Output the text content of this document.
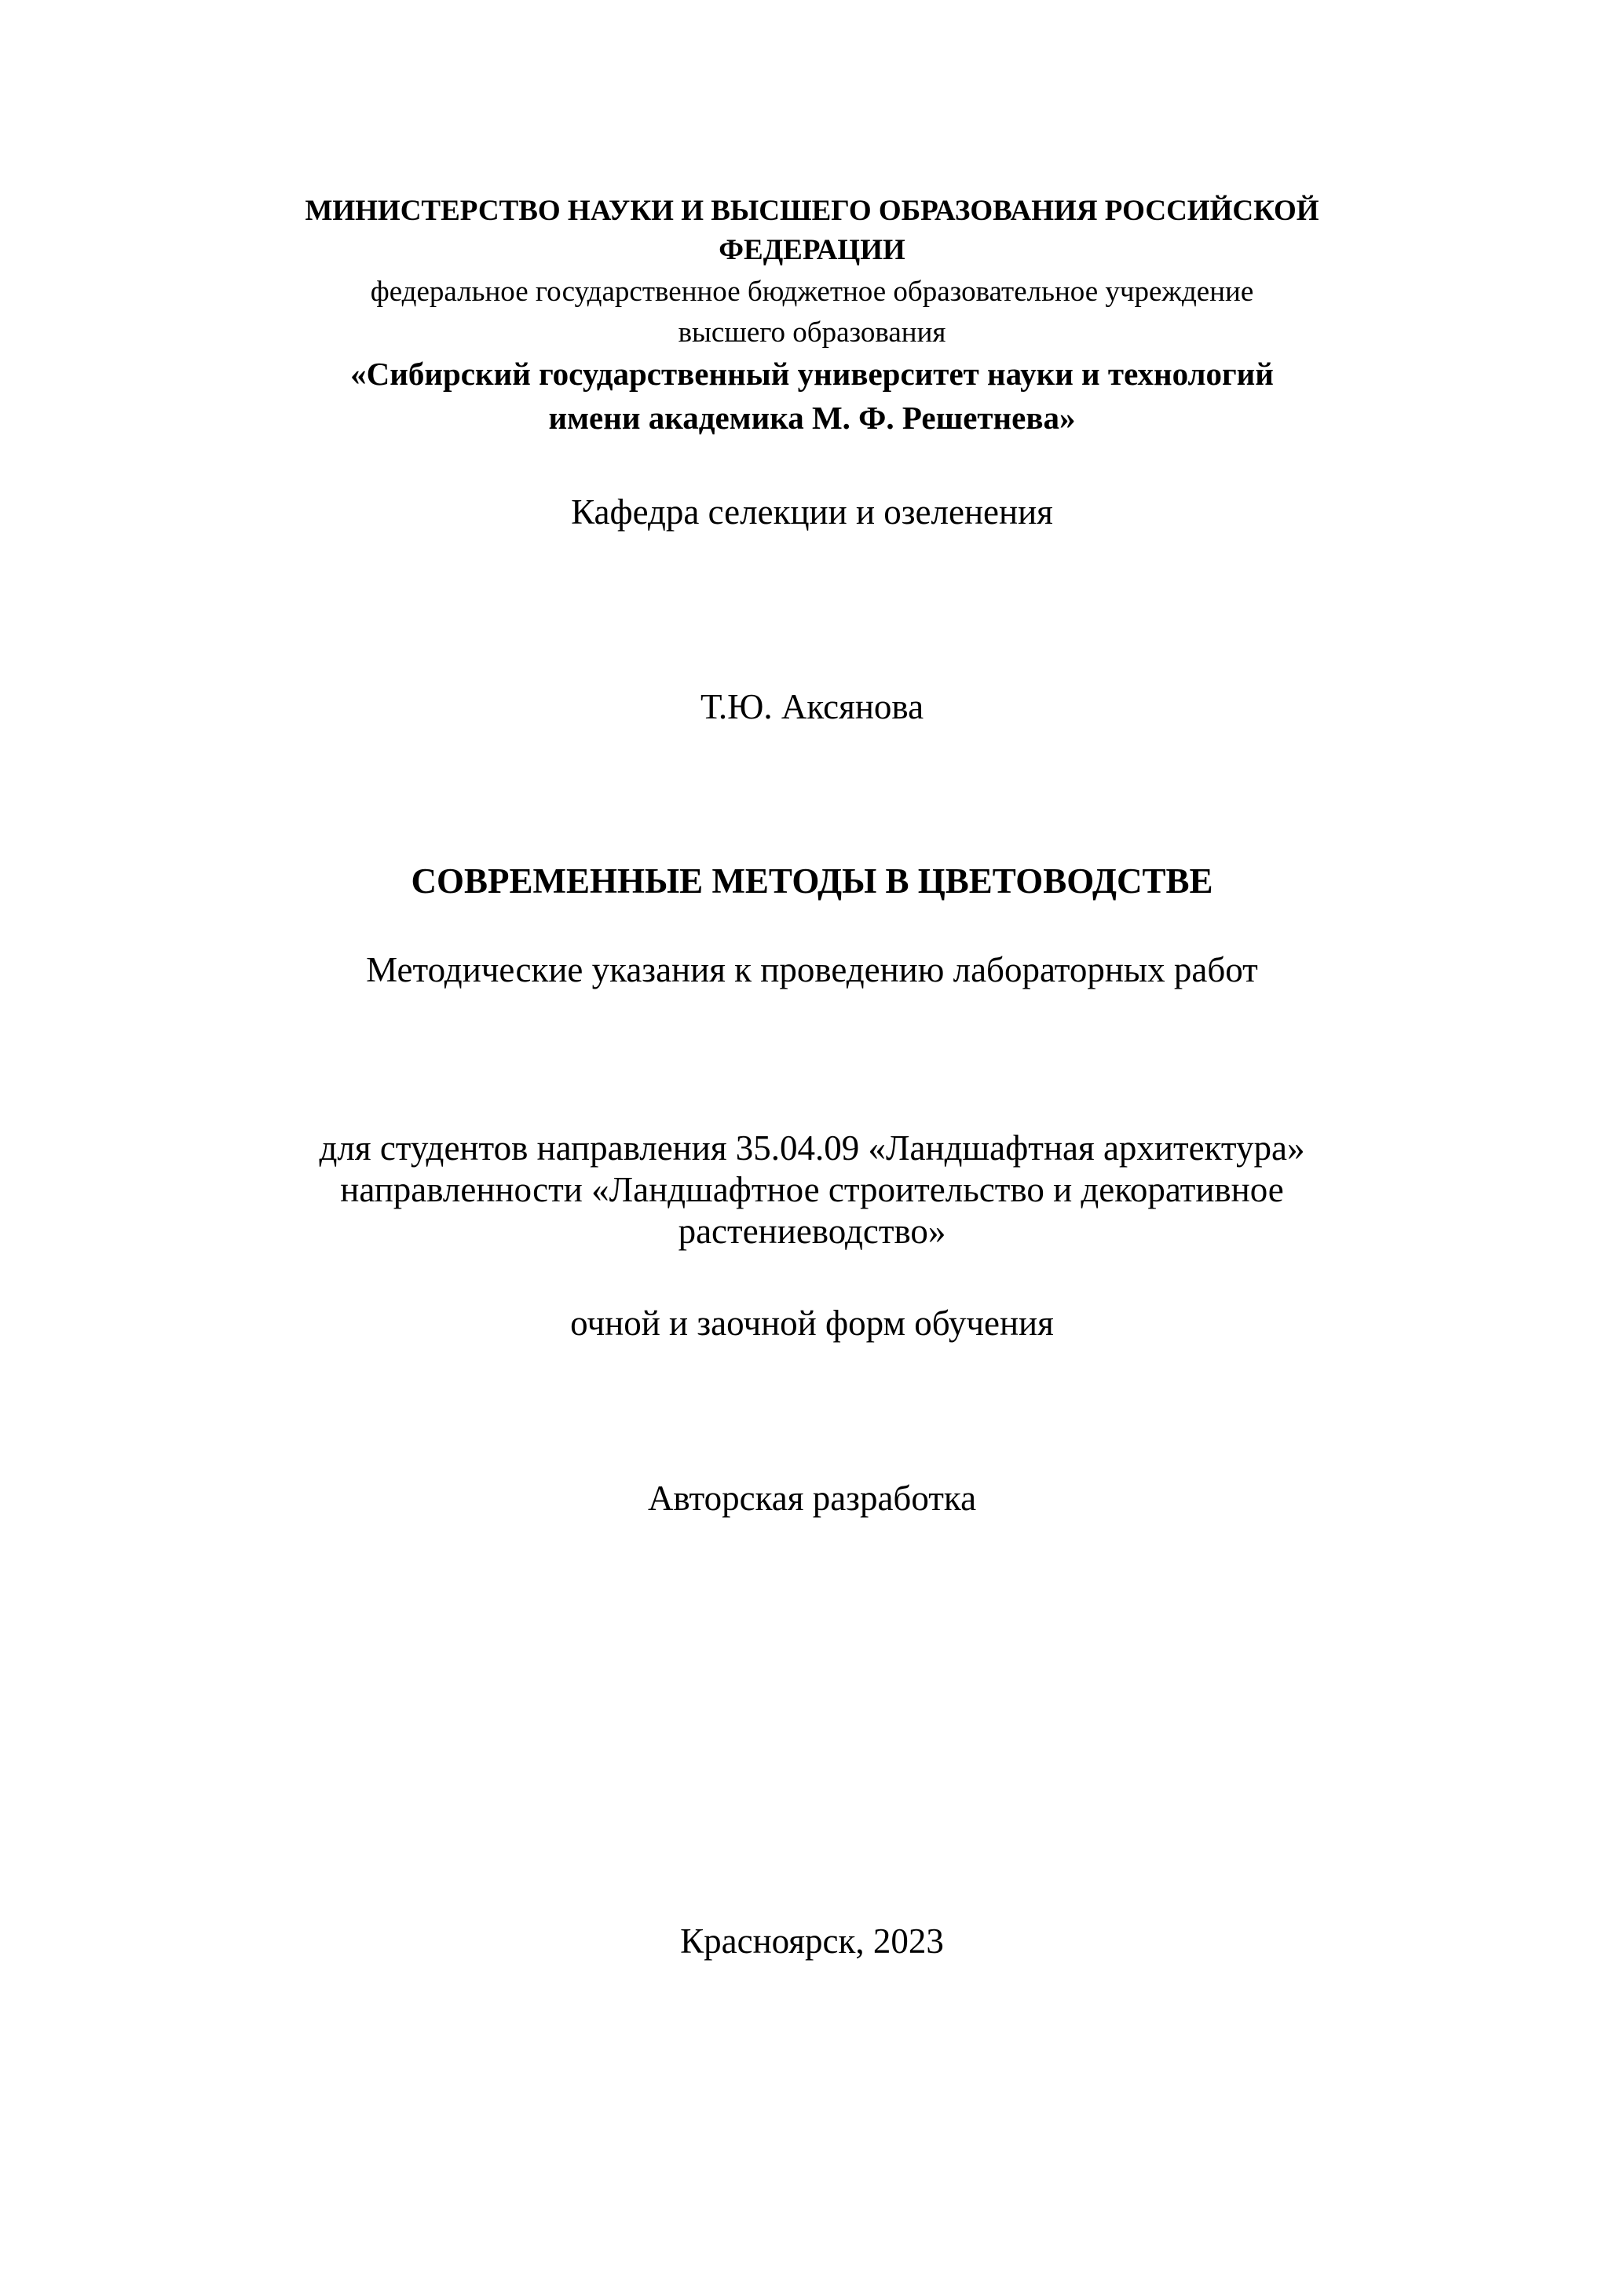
МИНИСТЕРСТВО НАУКИ И ВЫСШЕГО ОБРАЗОВАНИЯ РОССИЙСКОЙ
ФЕДЕРАЦИИ
федеральное государственное бюджетное образовательное учреждение
высшего образования
«Сибирский государственный университет науки и технологий
имени академика М. Ф. Решетнева»
Кафедра селекции и озеленения
Т.Ю. Аксянова
СОВРЕМЕННЫЕ МЕТОДЫ В ЦВЕТОВОДСТВЕ
Методические указания к проведению лабораторных работ
для студентов направления 35.04.09 «Ландшафтная архитектура»
направленности «Ландшафтное строительство и декоративное
растениеводство»
очной и заочной форм обучения
Авторская разработка
Красноярск, 2023
